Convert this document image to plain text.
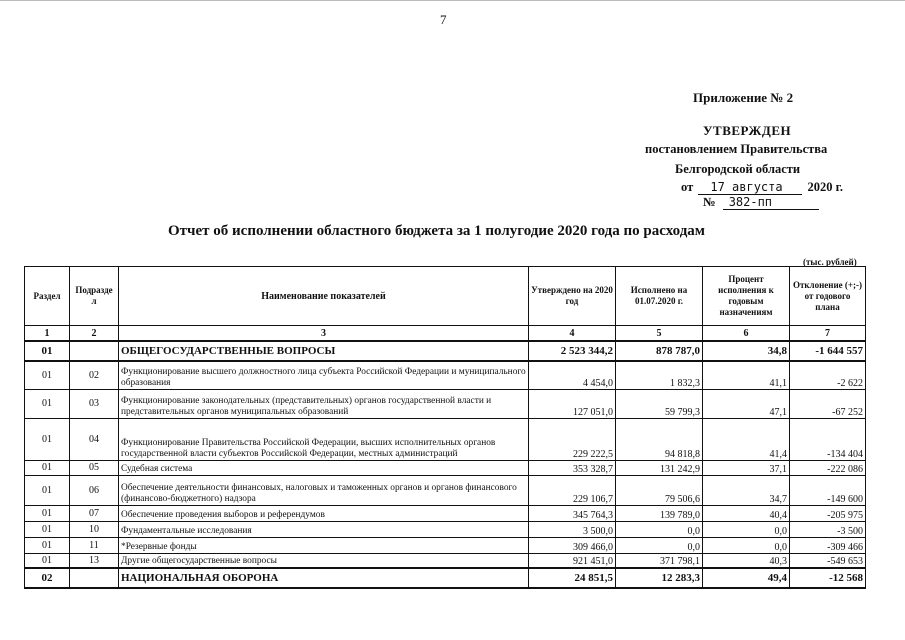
7
Приложение № 2
УТВЕРЖДЕН
постановлением Правительства
Белгородской области
от 17 августа 2020 г.
№ 382-пп
Отчет об исполнении областного бюджета за 1 полугодие 2020 года по расходам
(тыс. рублей)
Раздел	Подразде л	Наименование показателей	Утверждено на 2020 год	Исполнено на 01.07.2020 г.	Процент исполнения к годовым назначениям	Отклонение (+;-) от годового плана
1	2	3	4	5	6	7
01		ОБЩЕГОСУДАРСТВЕННЫЕ ВОПРОСЫ	2 523 344,2	878 787,0	34,8	-1 644 557
01	02	Функционирование высшего должностного лица субъекта Российской Федерации и муниципального образования	4 454,0	1 832,3	41,1	-2 622
01	03	Функционирование законодательных (представительных) органов государственной власти и представительных органов муниципальных образований	127 051,0	59 799,3	47,1	-67 252
01	04	Функционирование Правительства Российской Федерации, высших исполнительных органов государственной власти субъектов Российской Федерации, местных администраций	229 222,5	94 818,8	41,4	-134 404
01	05	Судебная система	353 328,7	131 242,9	37,1	-222 086
01	06	Обеспечение деятельности финансовых, налоговых и таможенных органов и органов финансового (финансово-бюджетного) надзора	229 106,7	79 506,6	34,7	-149 600
01	07	Обеспечение проведения выборов и референдумов	345 764,3	139 789,0	40,4	-205 975
01	10	Фундаментальные исследования	3 500,0	0,0	0,0	-3 500
01	11	*Резервные фонды	309 466,0	0,0	0,0	-309 466
01	13	Другие общегосударственные вопросы	921 451,0	371 798,1	40,3	-549 653
02		НАЦИОНАЛЬНАЯ ОБОРОНА	24 851,5	12 283,3	49,4	-12 568
